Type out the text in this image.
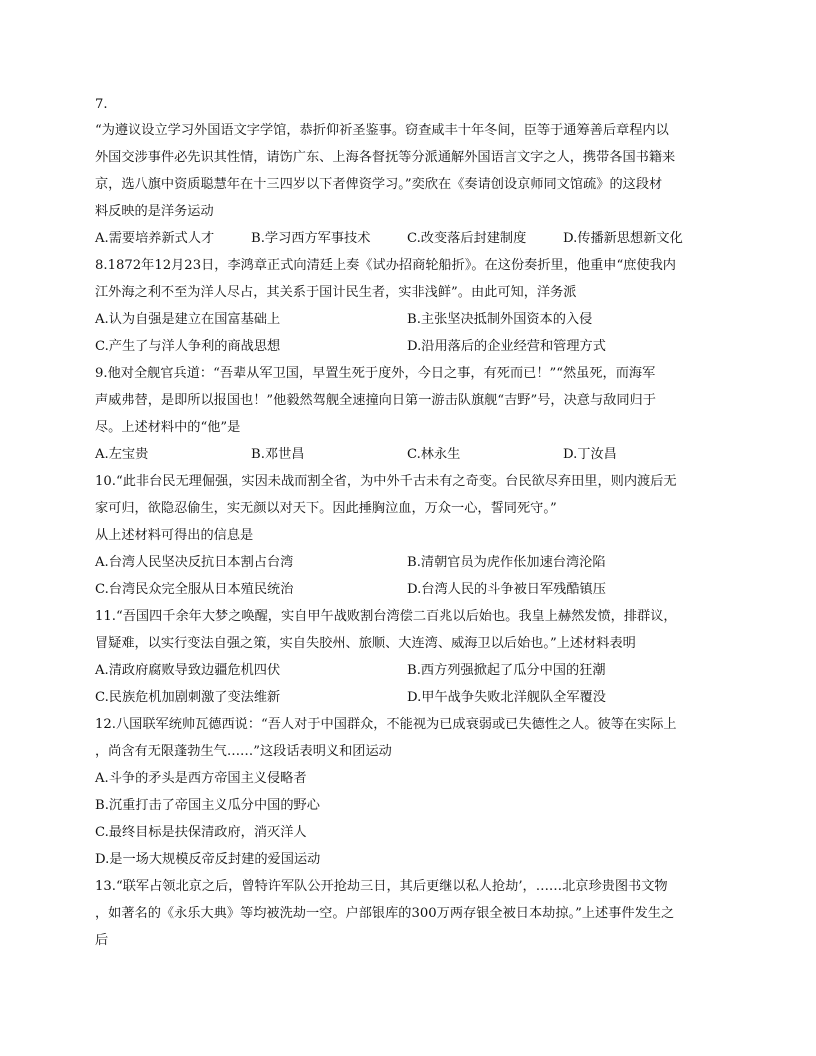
7.
“为遵议设立学习外国语文字学馆，恭折仰祈圣鉴事。窃查咸丰十年冬间，臣等于通筹善后章程内以
外国交涉事件必先识其性情，请饬广东、上海各督抚等分派通解外国语言文字之人，携带各国书籍来
京，选八旗中资质聪慧年在十三四岁以下者俾资学习。”奕欣在《奏请创设京师同文馆疏》的这段材
料反映的是洋务运动
A.需要培养新式人才	B.学习西方军事技术	C.改变落后封建制度	D.传播新思想新文化
8.1872年12月23日，李鸿章正式向清廷上奏《试办招商轮船折》。在这份奏折里，他重申“庶使我内
江外海之利不至为洋人尽占，其关系于国计民生者，实非浅鲜”。由此可知，洋务派
A.认为自强是建立在国富基础上	B.主张坚决抵制外国资本的入侵
C.产生了与洋人争利的商战思想	D.沿用落后的企业经营和管理方式
9.他对全舰官兵道：“吾辈从军卫国，早置生死于度外，今日之事，有死而已！”“然虽死，而海军
声威弗替，是即所以报国也！”他毅然驾舰全速撞向日第一游击队旗舰“吉野”号，决意与敌同归于
尽。上述材料中的“他”是
A.左宝贵	B.邓世昌	C.林永生	D.丁汝昌
10.“此非台民无理倔强，实因未战而割全省，为中外千古未有之奇变。台民欲尽弃田里，则内渡后无
家可归，欲隐忍偷生，实无颜以对天下。因此捶胸泣血，万众一心，誓同死守。”
从上述材料可得出的信息是
A.台湾人民坚决反抗日本割占台湾	B.清朝官员为虎作伥加速台湾沦陷
C.台湾民众完全服从日本殖民统治	D.台湾人民的斗争被日军残酷镇压
11.“吾国四千余年大梦之唤醒，实自甲午战败割台湾偿二百兆以后始也。我皇上赫然发愤，排群议，
冒疑难，以实行变法自强之策，实自失胶州、旅顺、大连湾、威海卫以后始也。”上述材料表明
A.清政府腐败导致边疆危机四伏	B.西方列强掀起了瓜分中国的狂潮
C.民族危机加剧刺激了变法维新	D.甲午战争失败北洋舰队全军覆没
12.八国联军统帅瓦德西说：“吾人对于中国群众，不能视为已成衰弱或已失德性之人。彼等在实际上
，尚含有无限蓬勃生气……”这段话表明义和团运动
A.斗争的矛头是西方帝国主义侵略者
B.沉重打击了帝国主义瓜分中国的野心
C.最终目标是扶保清政府，消灭洋人
D.是一场大规模反帝反封建的爱国运动
13.“联军占领北京之后，曾特许军队公开抢劫三日，其后更继以私人抢劫’，……北京珍贵图书文物
，如著名的《永乐大典》等均被洗劫一空。户部银库的300万两存银全被日本劫掠。”上述事件发生之
后
